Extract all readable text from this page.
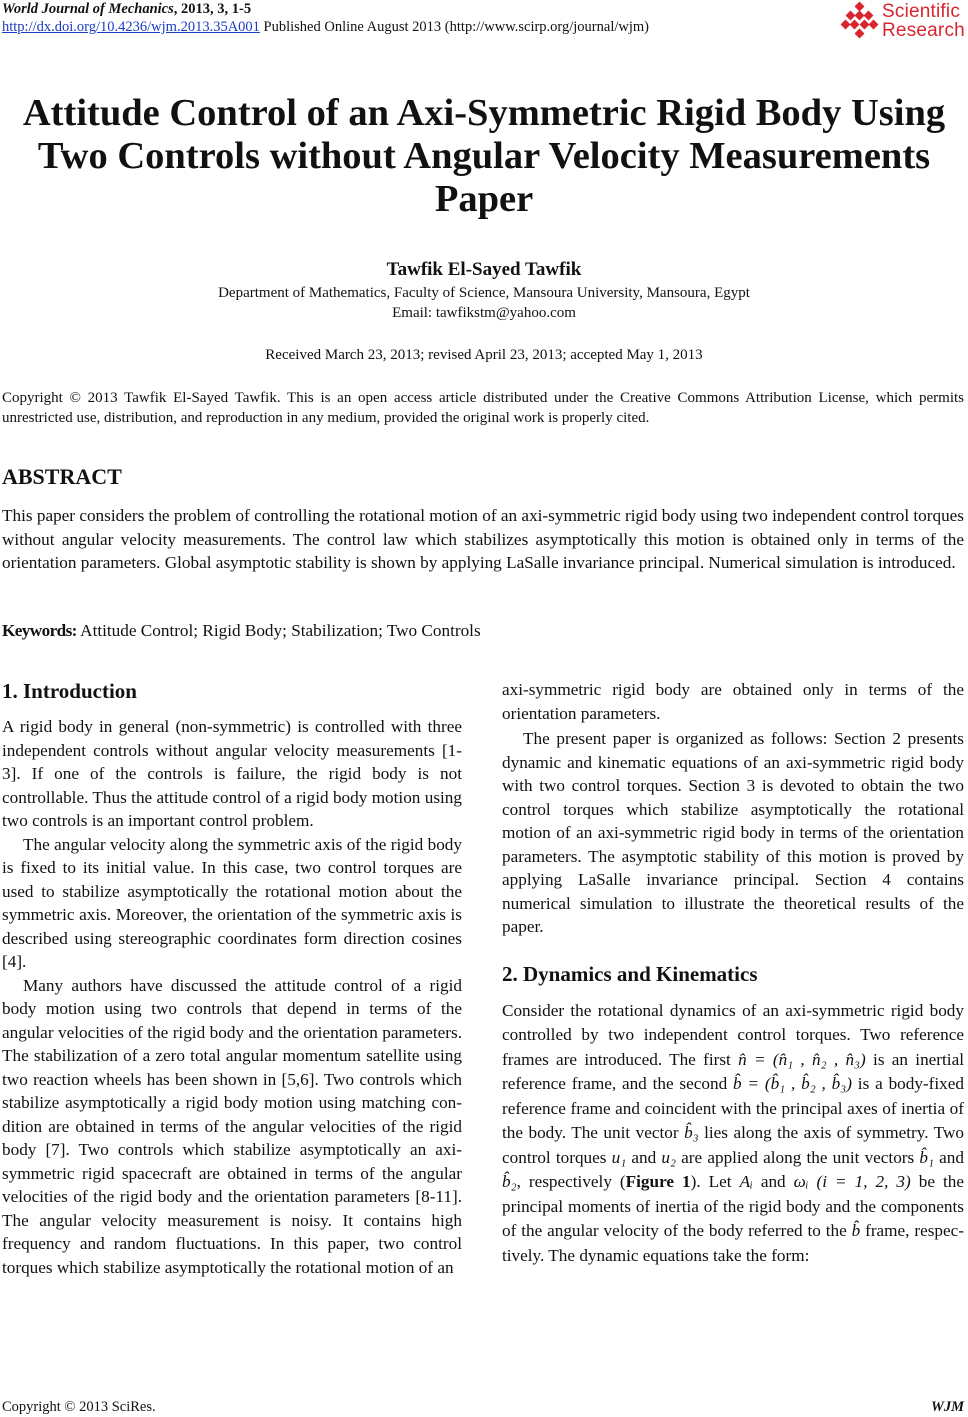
World Journal of Mechanics, 2013, 3, 1-5
http://dx.doi.org/10.4236/wjm.2013.35A001 Published Online August 2013 (http://www.scirp.org/journal/wjm)
Scientific
Research
Attitude Control of an Axi-Symmetric Rigid Body Using
Two Controls without Angular Velocity Measurements
Paper
Tawfik El-Sayed Tawfik
Department of Mathematics, Faculty of Science, Mansoura University, Mansoura, Egypt
Email: tawfikstm@yahoo.com
Received March 23, 2013; revised April 23, 2013; accepted May 1, 2013
Copyright © 2013 Tawfik El-Sayed Tawfik. This is an open access article distributed under the Creative Commons Attribution License, which permits unrestricted use, distribution, and reproduction in any medium, provided the original work is properly cited.
ABSTRACT
This paper considers the problem of controlling the rotational motion of an axi-symmetric rigid body using two independent control torques without angular velocity measurements. The control law which stabilizes asymptotically this motion is obtained only in terms of the orientation parameters. Global asymptotic stability is shown by applying LaSalle invariance principal. Numerical simulation is introduced.
Keywords: Attitude Control; Rigid Body; Stabilization; Two Controls
1. Introduction

A rigid body in general (non-symmetric) is controlled with three independent controls without angular velocity measurements [1-3]. If one of the controls is failure, the rigid body is not controllable. Thus the attitude control of a rigid body motion using two controls is an important control problem.

The angular velocity along the symmetric axis of the rigid body is fixed to its initial value. In this case, two control torques are used to stabilize asymptotically the rotational motion about the symmetric axis. Moreover, the orientation of the symmetric axis is described using stereographic coordinates form direction cosines [4].

Many authors have discussed the attitude control of a rigid body motion using two controls that depend in terms of the angular velocities of the rigid body and the orientation parameters. The stabilization of a zero total angular momentum satellite using two reaction wheels has been shown in [5,6]. Two controls which stabilize asymptotically a rigid body motion using matching condition are obtained in terms of the angular velocities of the rigid body [7]. Two controls which stabilize asymptotically an axi-symmetric rigid spacecraft are obtained in terms of the angular velocities of the rigid body and the orientation parameters [8-11]. The angular velocity measurement is noisy. It contains high frequency and random fluctuations. In this paper, two control torques which stabilize asymptotically the rotational motion of an

axi-symmetric rigid body are obtained only in terms of the orientation parameters.

The present paper is organized as follows: Section 2 presents dynamic and kinematic equations of an axi-symmetric rigid body with two control torques. Section 3 is devoted to obtain the two control torques which stabilize asymptotically the rotational motion of an axi-symmetric rigid body in terms of the orientation parameters. The asymptotic stability of this motion is proved by applying LaSalle invariance principal. Section 4 contains numerical simulation to illustrate the theoretical results of the paper.

2. Dynamics and Kinematics

Consider the rotational dynamics of an axi-symmetric rigid body controlled by two independent control torques. Two reference frames are introduced. The first n̂ = (n̂₁ , n̂₂ , n̂₃) is an inertial reference frame, and the second b̂ = (b̂₁ , b̂₂ , b̂₃) is a body-fixed reference frame and coincident with the principal axes of inertia of the body. The unit vector b̂₃ lies along the axis of symmetry. Two control torques u₁ and u₂ are applied along the unit vectors b̂₁ and b̂₂, respectively (Figure 1). Let Aᵢ and ωᵢ (i = 1, 2, 3) be the principal moments of inertia of the rigid body and the components of the angular velocity of the body referred to the b̂ frame, respectively. The dynamic equations take the form:

Copyright © 2013 SciRes.	WJM
